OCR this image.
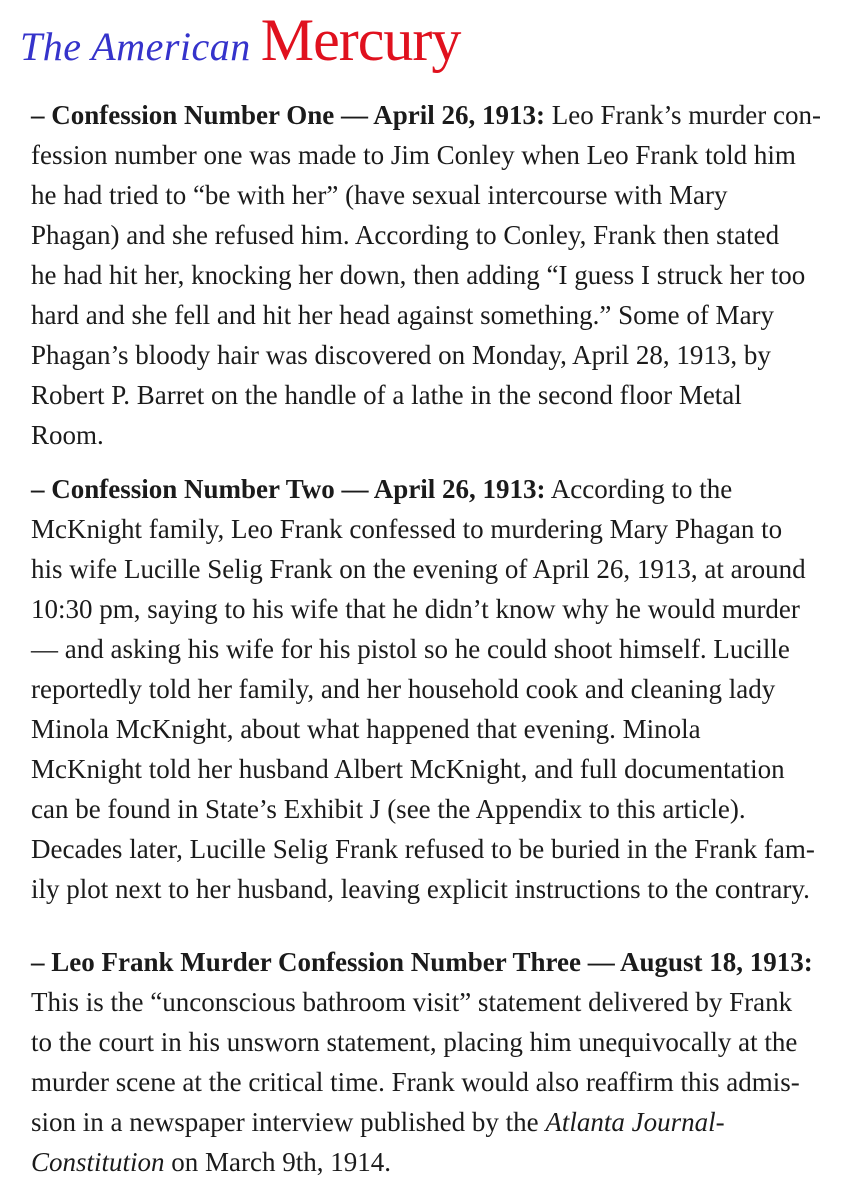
The American Mercury
– Confession Number One — April 26, 1913: Leo Frank’s murder con-
fession number one was made to Jim Conley when Leo Frank told him
he had tried to “be with her” (have sexual intercourse with Mary
Phagan) and she refused him. According to Conley, Frank then stated
he had hit her, knocking her down, then adding “I guess I struck her too
hard and she fell and hit her head against something.” Some of Mary
Phagan’s bloody hair was discovered on Monday, April 28, 1913, by
Robert P. Barret on the handle of a lathe in the second floor Metal
Room.
– Confession Number Two — April 26, 1913: According to the
McKnight family, Leo Frank confessed to murdering Mary Phagan to
his wife Lucille Selig Frank on the evening of April 26, 1913, at around
10:30 pm, saying to his wife that he didn’t know why he would murder
— and asking his wife for his pistol so he could shoot himself. Lucille
reportedly told her family, and her household cook and cleaning lady
Minola McKnight, about what happened that evening. Minola
McKnight told her husband Albert McKnight, and full documentation
can be found in State’s Exhibit J (see the Appendix to this article).
Decades later, Lucille Selig Frank refused to be buried in the Frank fam-
ily plot next to her husband, leaving explicit instructions to the contrary.
– Leo Frank Murder Confession Number Three — August 18, 1913:
This is the “unconscious bathroom visit” statement delivered by Frank
to the court in his unsworn statement, placing him unequivocally at the
murder scene at the critical time. Frank would also reaffirm this admis-
sion in a newspaper interview published by the Atlanta Journal-
Constitution on March 9th, 1914.
